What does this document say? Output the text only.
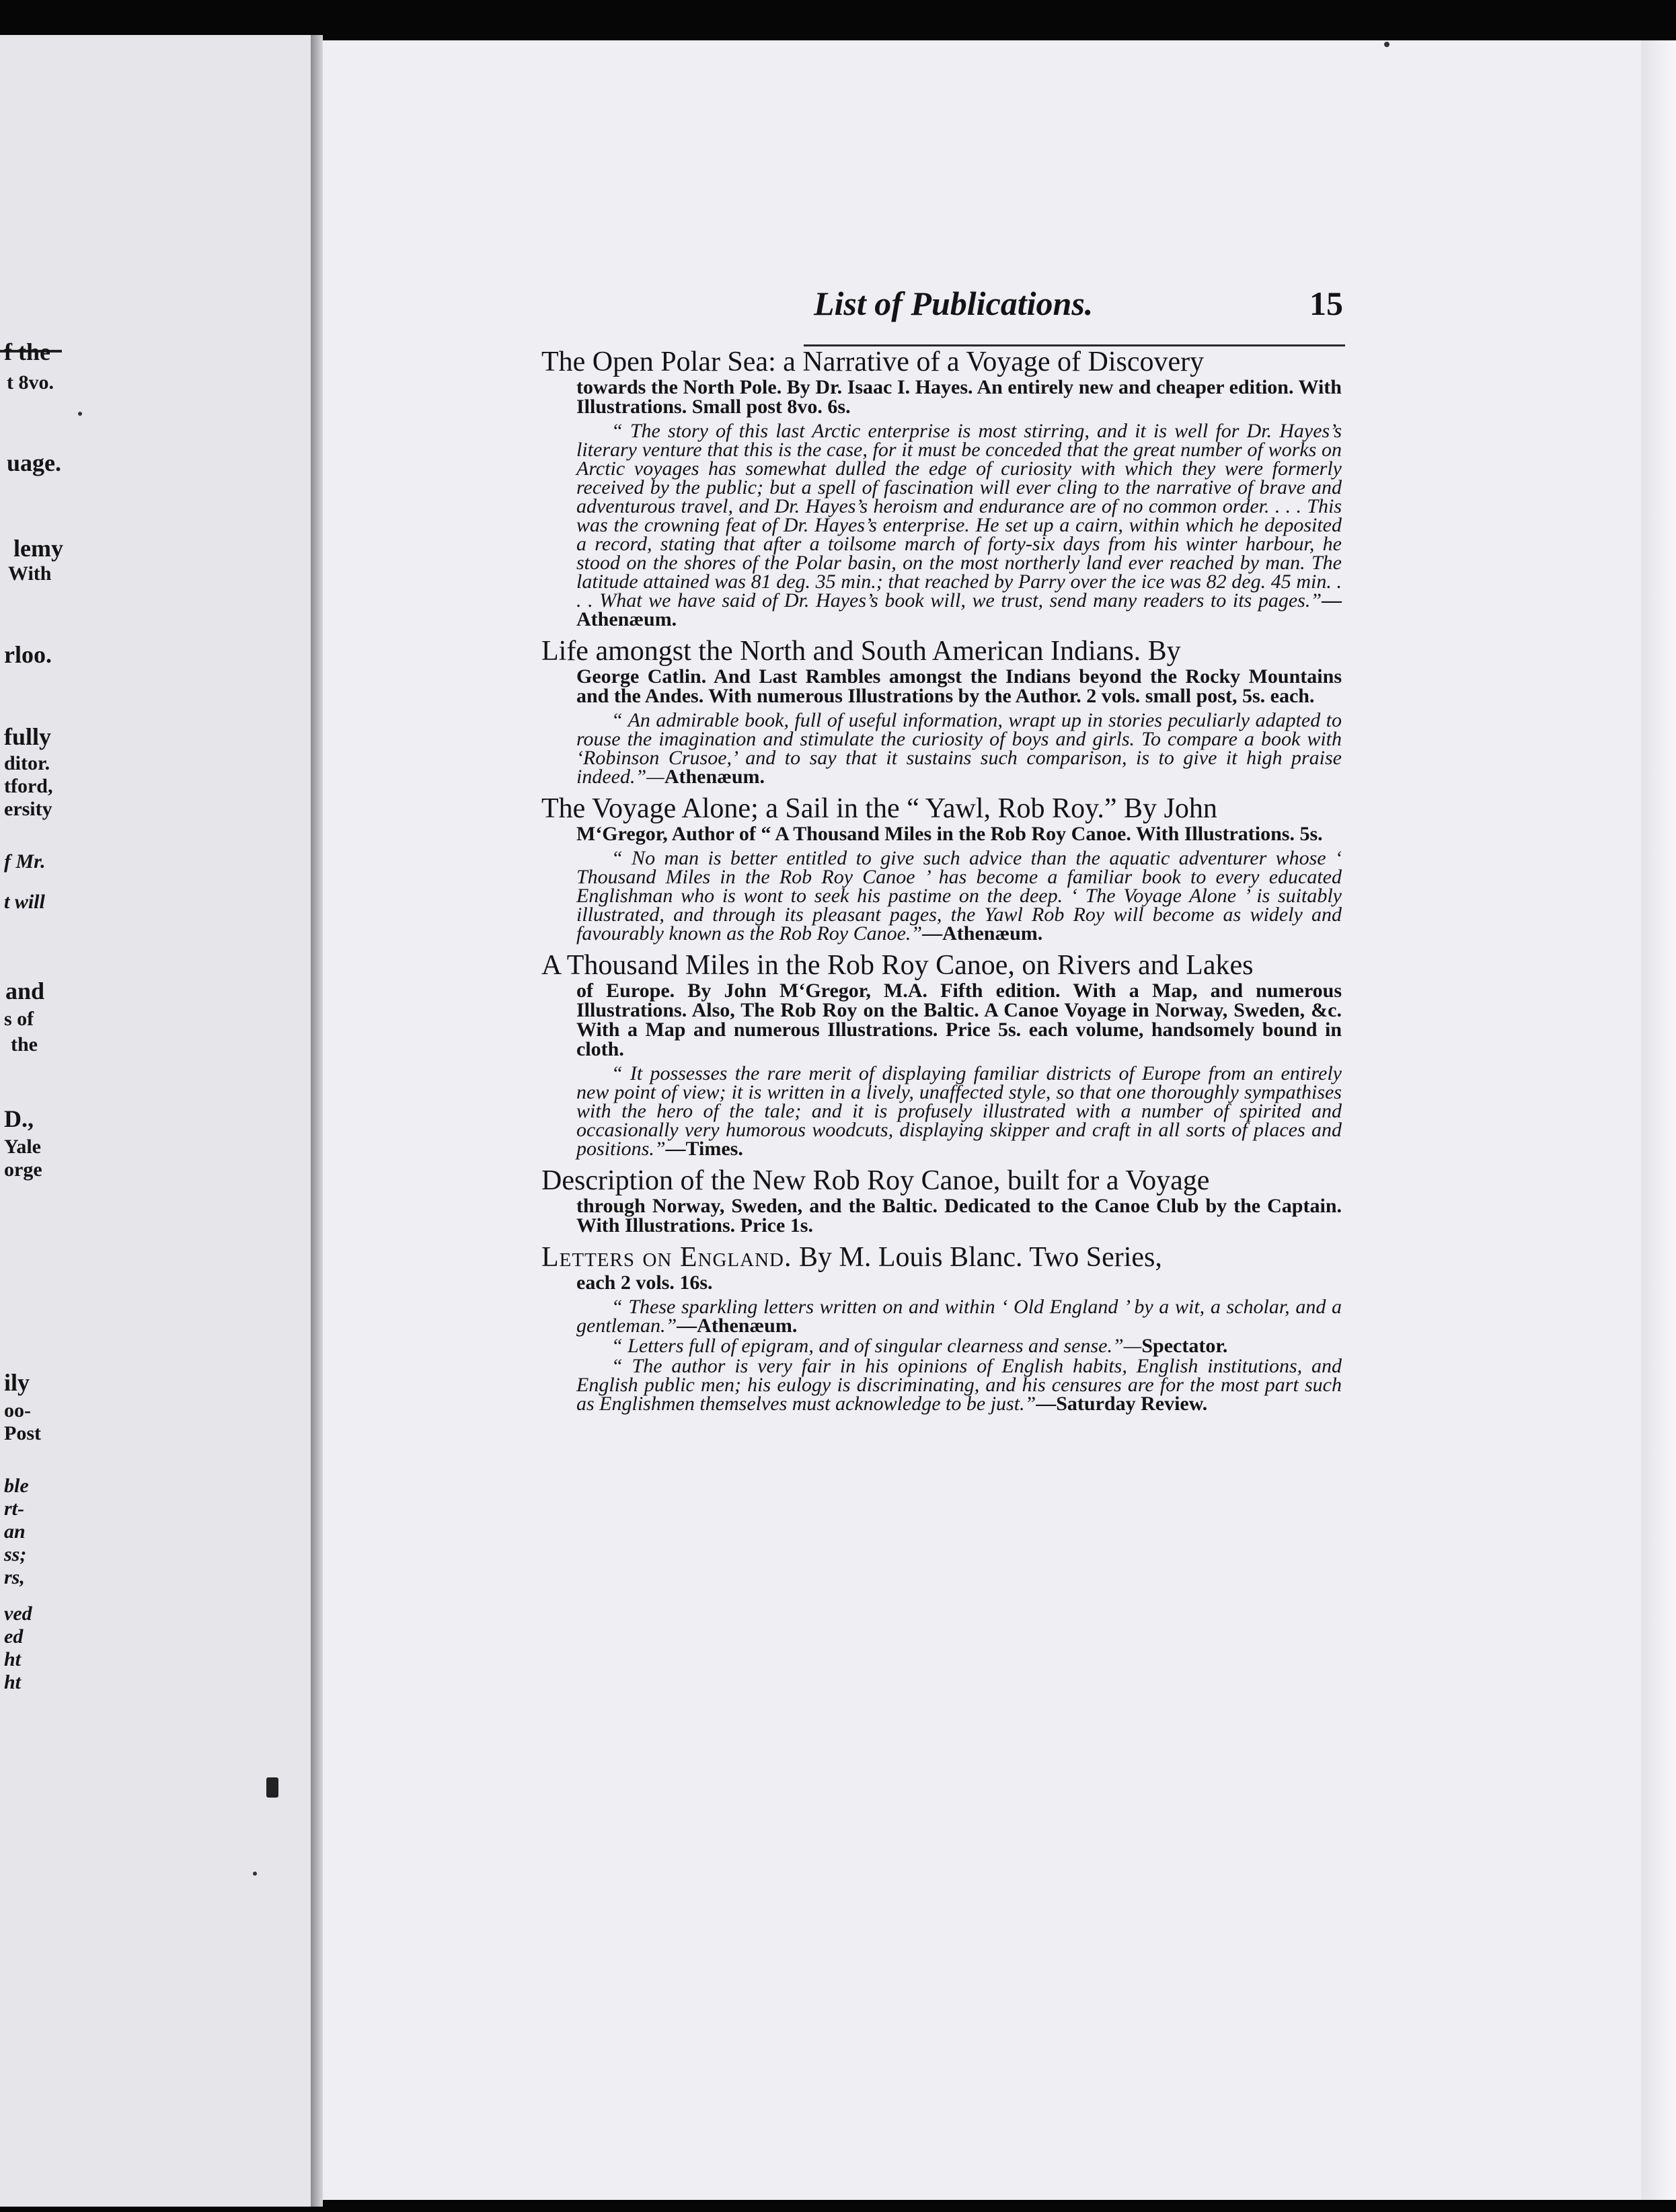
f the
t 8vo.
uage.
lemy
With
rloo.
fully
ditor.
tford,
ersity
f Mr.
t will
and
s of
the
D.,
Yale
orge
ily
oo-
Post
ble
rt-
an
ss;
rs,
ved
ed
ht
ht
List of Publications.	15
The Open Polar Sea: a Narrative of a Voyage of Discovery
towards the North Pole. By Dr. Isaac I. Hayes. An entirely new and cheaper edition. With Illustrations. Small post 8vo. 6s.
“ The story of this last Arctic enterprise is most stirring, and it is well for Dr. Hayes’s literary venture that this is the case, for it must be conceded that the great number of works on Arctic voyages has somewhat dulled the edge of curiosity with which they were formerly received by the public; but a spell of fascination will ever cling to the narrative of brave and adventurous travel, and Dr. Hayes’s heroism and endurance are of no common order. . . . This was the crowning feat of Dr. Hayes’s enterprise. He set up a cairn, within which he deposited a record, stating that after a toilsome march of forty-six days from his winter harbour, he stood on the shores of the Polar basin, on the most northerly land ever reached by man. The latitude attained was 81 deg. 35 min.; that reached by Parry over the ice was 82 deg. 45 min. . . . What we have said of Dr. Hayes’s book will, we trust, send many readers to its pages.”—Athenæum.
Life amongst the North and South American Indians. By
George Catlin. And Last Rambles amongst the Indians beyond the Rocky Mountains and the Andes. With numerous Illustrations by the Author. 2 vols. small post, 5s. each.
“ An admirable book, full of useful information, wrapt up in stories peculiarly adapted to rouse the imagination and stimulate the curiosity of boys and girls. To compare a book with ‘Robinson Crusoe,’ and to say that it sustains such comparison, is to give it high praise indeed.”—Athenæum.
The Voyage Alone; a Sail in the “ Yawl, Rob Roy.” By John
M‘Gregor, Author of “ A Thousand Miles in the Rob Roy Canoe. With Illustrations. 5s.
“ No man is better entitled to give such advice than the aquatic adventurer whose ‘ Thousand Miles in the Rob Roy Canoe ’ has become a familiar book to every educated Englishman who is wont to seek his pastime on the deep. ‘ The Voyage Alone ’ is suitably illustrated, and through its pleasant pages, the Yawl Rob Roy will become as widely and favourably known as the Rob Roy Canoe.”—Athenæum.
A Thousand Miles in the Rob Roy Canoe, on Rivers and Lakes
of Europe. By John M‘Gregor, M.A. Fifth edition. With a Map, and numerous Illustrations. Also, The Rob Roy on the Baltic. A Canoe Voyage in Norway, Sweden, &c. With a Map and numerous Illustrations. Price 5s. each volume, handsomely bound in cloth.
“ It possesses the rare merit of displaying familiar districts of Europe from an entirely new point of view; it is written in a lively, unaffected style, so that one thoroughly sympathises with the hero of the tale; and it is profusely illustrated with a number of spirited and occasionally very humorous woodcuts, displaying skipper and craft in all sorts of places and positions.”—Times.
Description of the New Rob Roy Canoe, built for a Voyage
through Norway, Sweden, and the Baltic. Dedicated to the Canoe Club by the Captain. With Illustrations. Price 1s.
Letters on England. By M. Louis Blanc. Two Series,
each 2 vols. 16s.
“ These sparkling letters written on and within ‘ Old England ’ by a wit, a scholar, and a gentleman.”—Athenæum.
“ Letters full of epigram, and of singular clearness and sense.”—Spectator.
“ The author is very fair in his opinions of English habits, English institutions, and English public men; his eulogy is discriminating, and his censures are for the most part such as Englishmen themselves must acknowledge to be just.”—Saturday Review.
